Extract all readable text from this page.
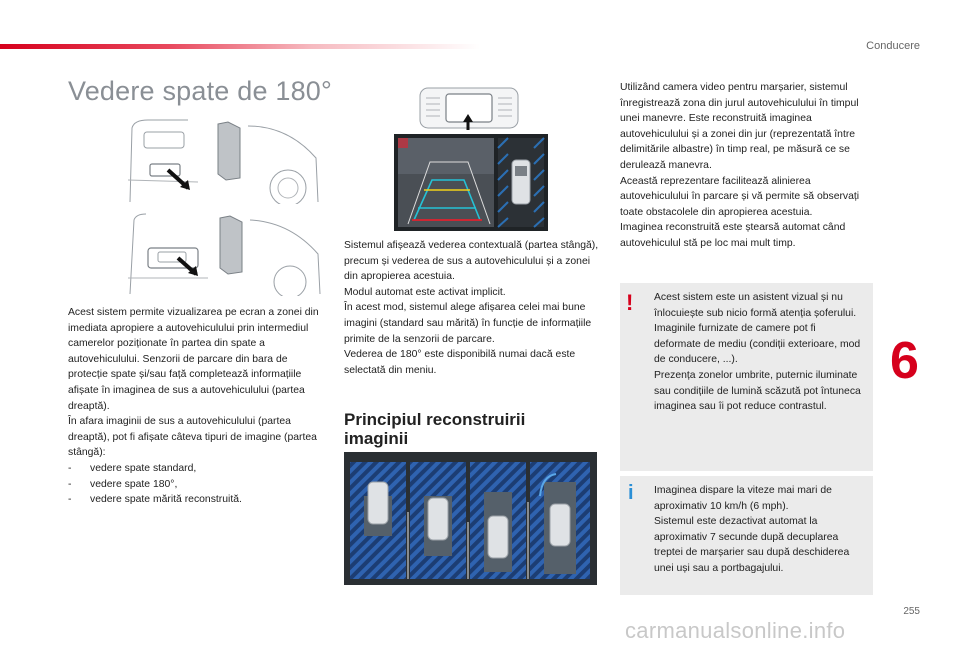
Conducere
Vedere spate de 180°

Acest sistem permite vizualizarea pe ecran a zonei din imediata apropiere a autovehiculului prin intermediul camerelor poziționate în partea din spate a autovehiculului. Senzorii de parcare din bara de protecție spate și/sau față completează informațiile afișate în imaginea de sus a autovehiculului (partea dreaptă).

În afara imaginii de sus a autovehiculului (partea dreaptă), pot fi afișate câteva tipuri de imagine (partea stângă):

-	vedere spate standard,
-	vedere spate 180°,
-	vedere spate mărită reconstruită.

Sistemul afișează vederea contextuală (partea stângă), precum și vederea de sus a autovehiculului și a zonei din apropierea acestuia.

Modul automat este activat implicit.

În acest mod, sistemul alege afișarea celei mai bune imagini (standard sau mărită) în funcție de informațiile primite de la senzorii de parcare.

Vederea de 180° este disponibilă numai dacă este selectată din meniu.

Principiul reconstruirii imaginii

Utilizând camera video pentru marșarier, sistemul înregistrează zona din jurul autovehiculului în timpul unei manevre. Este reconstruită imaginea autovehiculului și a zonei din jur (reprezentată între delimitările albastre) în timp real, pe măsură ce se derulează manevra.

Această reprezentare facilitează alinierea autovehiculului în parcare și vă permite să observați toate obstacolele din apropierea acestuia.

Imaginea reconstruită este ștearsă automat când autovehiculul stă pe loc mai mult timp.

Acest sistem este un asistent vizual și nu înlocuiește sub nicio formă atenția șoferului.

Imaginile furnizate de camere pot fi deformate de mediu (condiții exterioare, mod de conducere, ...).

Prezența zonelor umbrite, puternic iluminate sau condițiile de lumină scăzută pot întuneca imaginea sau îi pot reduce contrastul.

!

Imaginea dispare la viteze mai mari de aproximativ 10 km/h (6 mph).

Sistemul este dezactivat automat la aproximativ 7 secunde după decuplarea treptei de marșarier sau după deschiderea unei uși sau a portbagajului.

i
6
255
carmanualsonline.info
